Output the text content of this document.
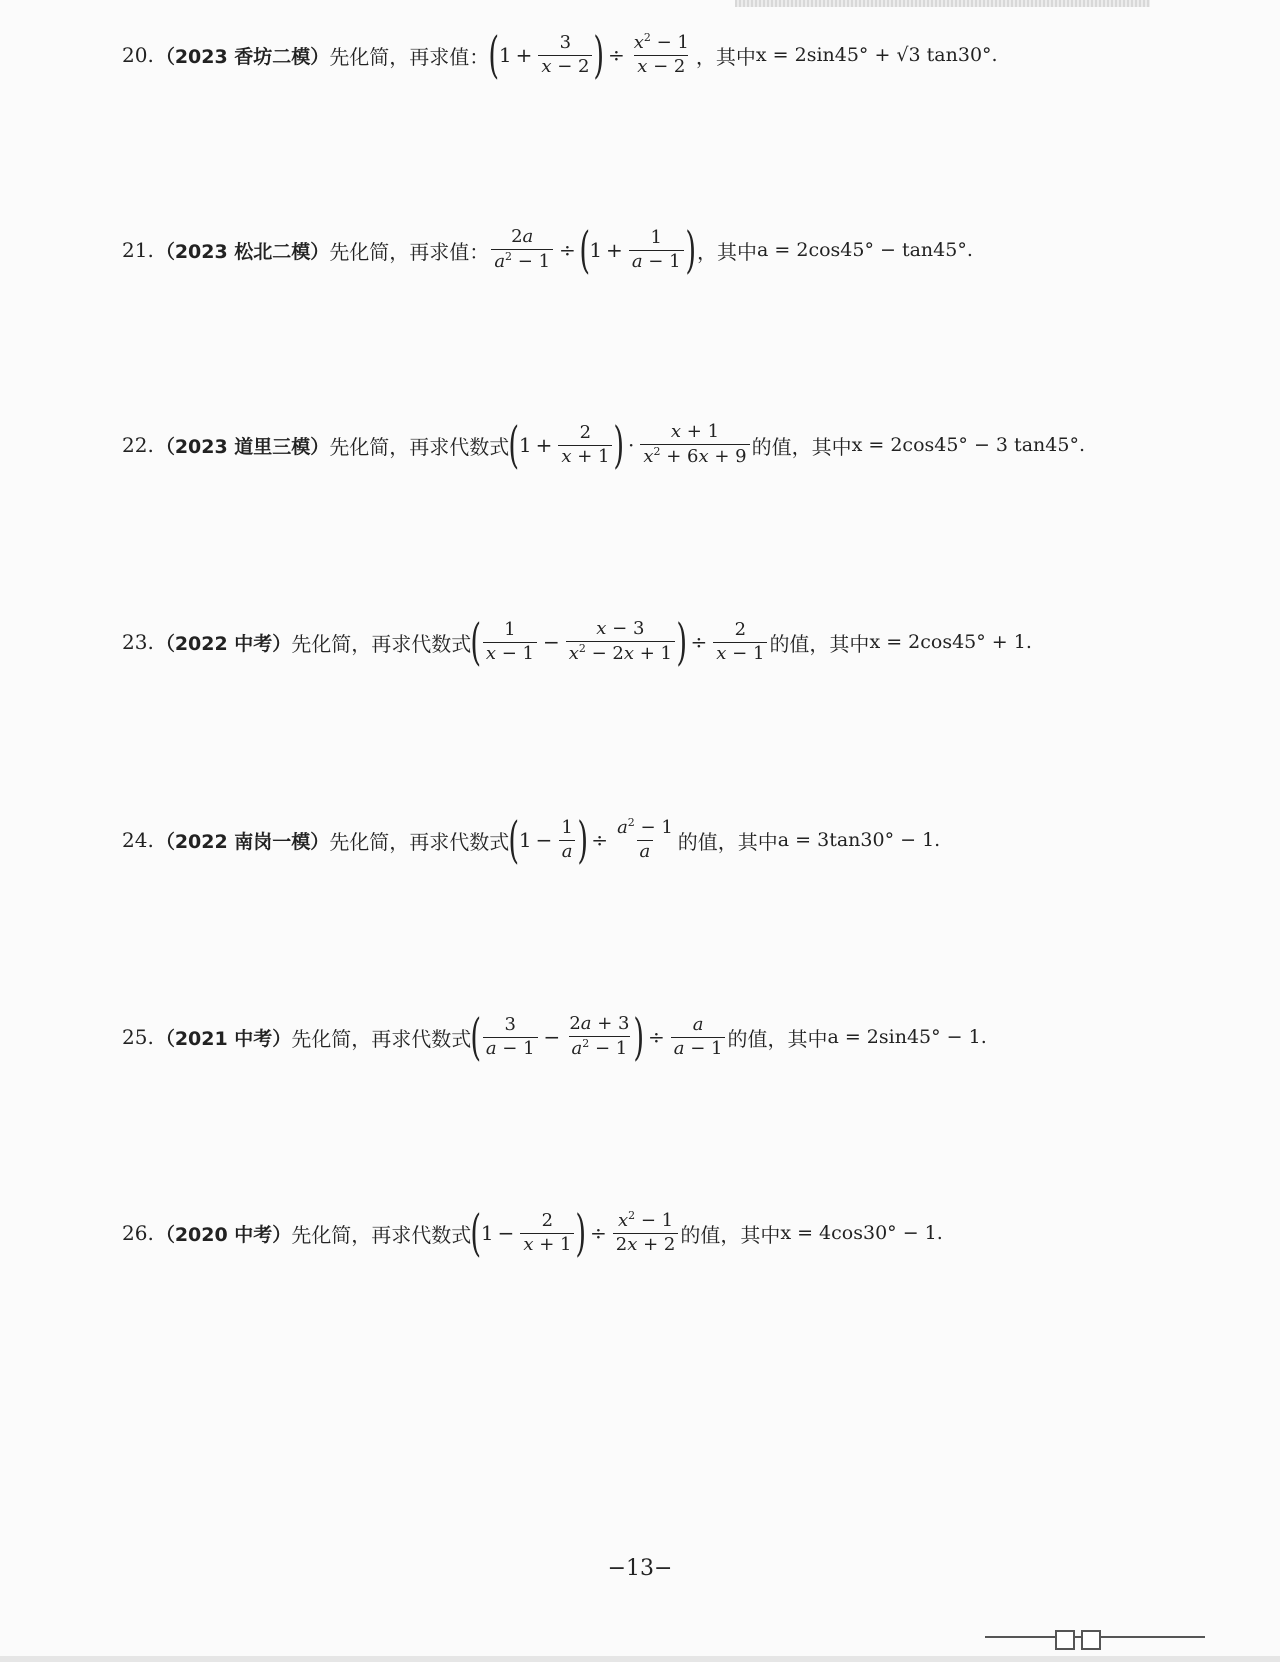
20. （2023 香坊二模） 先化简，再求值： ( $1 + \frac{3}{x - 2}$ ) ÷ $\frac{x^2 - 1}{x - 2}$ ，其中 x = 2sin45° + √3 tan30°.
21. （2023 松北二模） 先化简，再求值： $\frac{2a}{a^2 - 1}$ ÷ ( $1 + \frac{1}{a - 1}$ ) ，其中 a = 2cos45° − tan45°.
22. （2023 道里三模） 先化简，再求代数式 ( $1 + \frac{2}{x + 1}$ ) · $\frac{x + 1}{x^2 + 6x + 9}$ 的值，其中 x = 2cos45° − 3 tan45°.
23. （2022 中考） 先化简，再求代数式 ( $\frac{1}{x - 1} - \frac{x - 3}{x^2 - 2x + 1}$ ) ÷ $\frac{2}{x - 1}$ 的值，其中 x = 2cos45° + 1.
24. （2022 南岗一模） 先化简，再求代数式 ( $1 - \frac{1}{a}$ ) ÷ $\frac{a^2 - 1}{a}$ 的值，其中 a = 3tan30° − 1.
25. （2021 中考） 先化简，再求代数式 ( $\frac{3}{a - 1} - \frac{2a + 3}{a^2 - 1}$ ) ÷ $\frac{a}{a - 1}$ 的值，其中 a = 2sin45° − 1.
26. （2020 中考） 先化简，再求代数式 ( $1 - \frac{2}{x + 1}$ ) ÷ $\frac{x^2 - 1}{2x + 2}$ 的值，其中 x = 4cos30° − 1.
−13−
